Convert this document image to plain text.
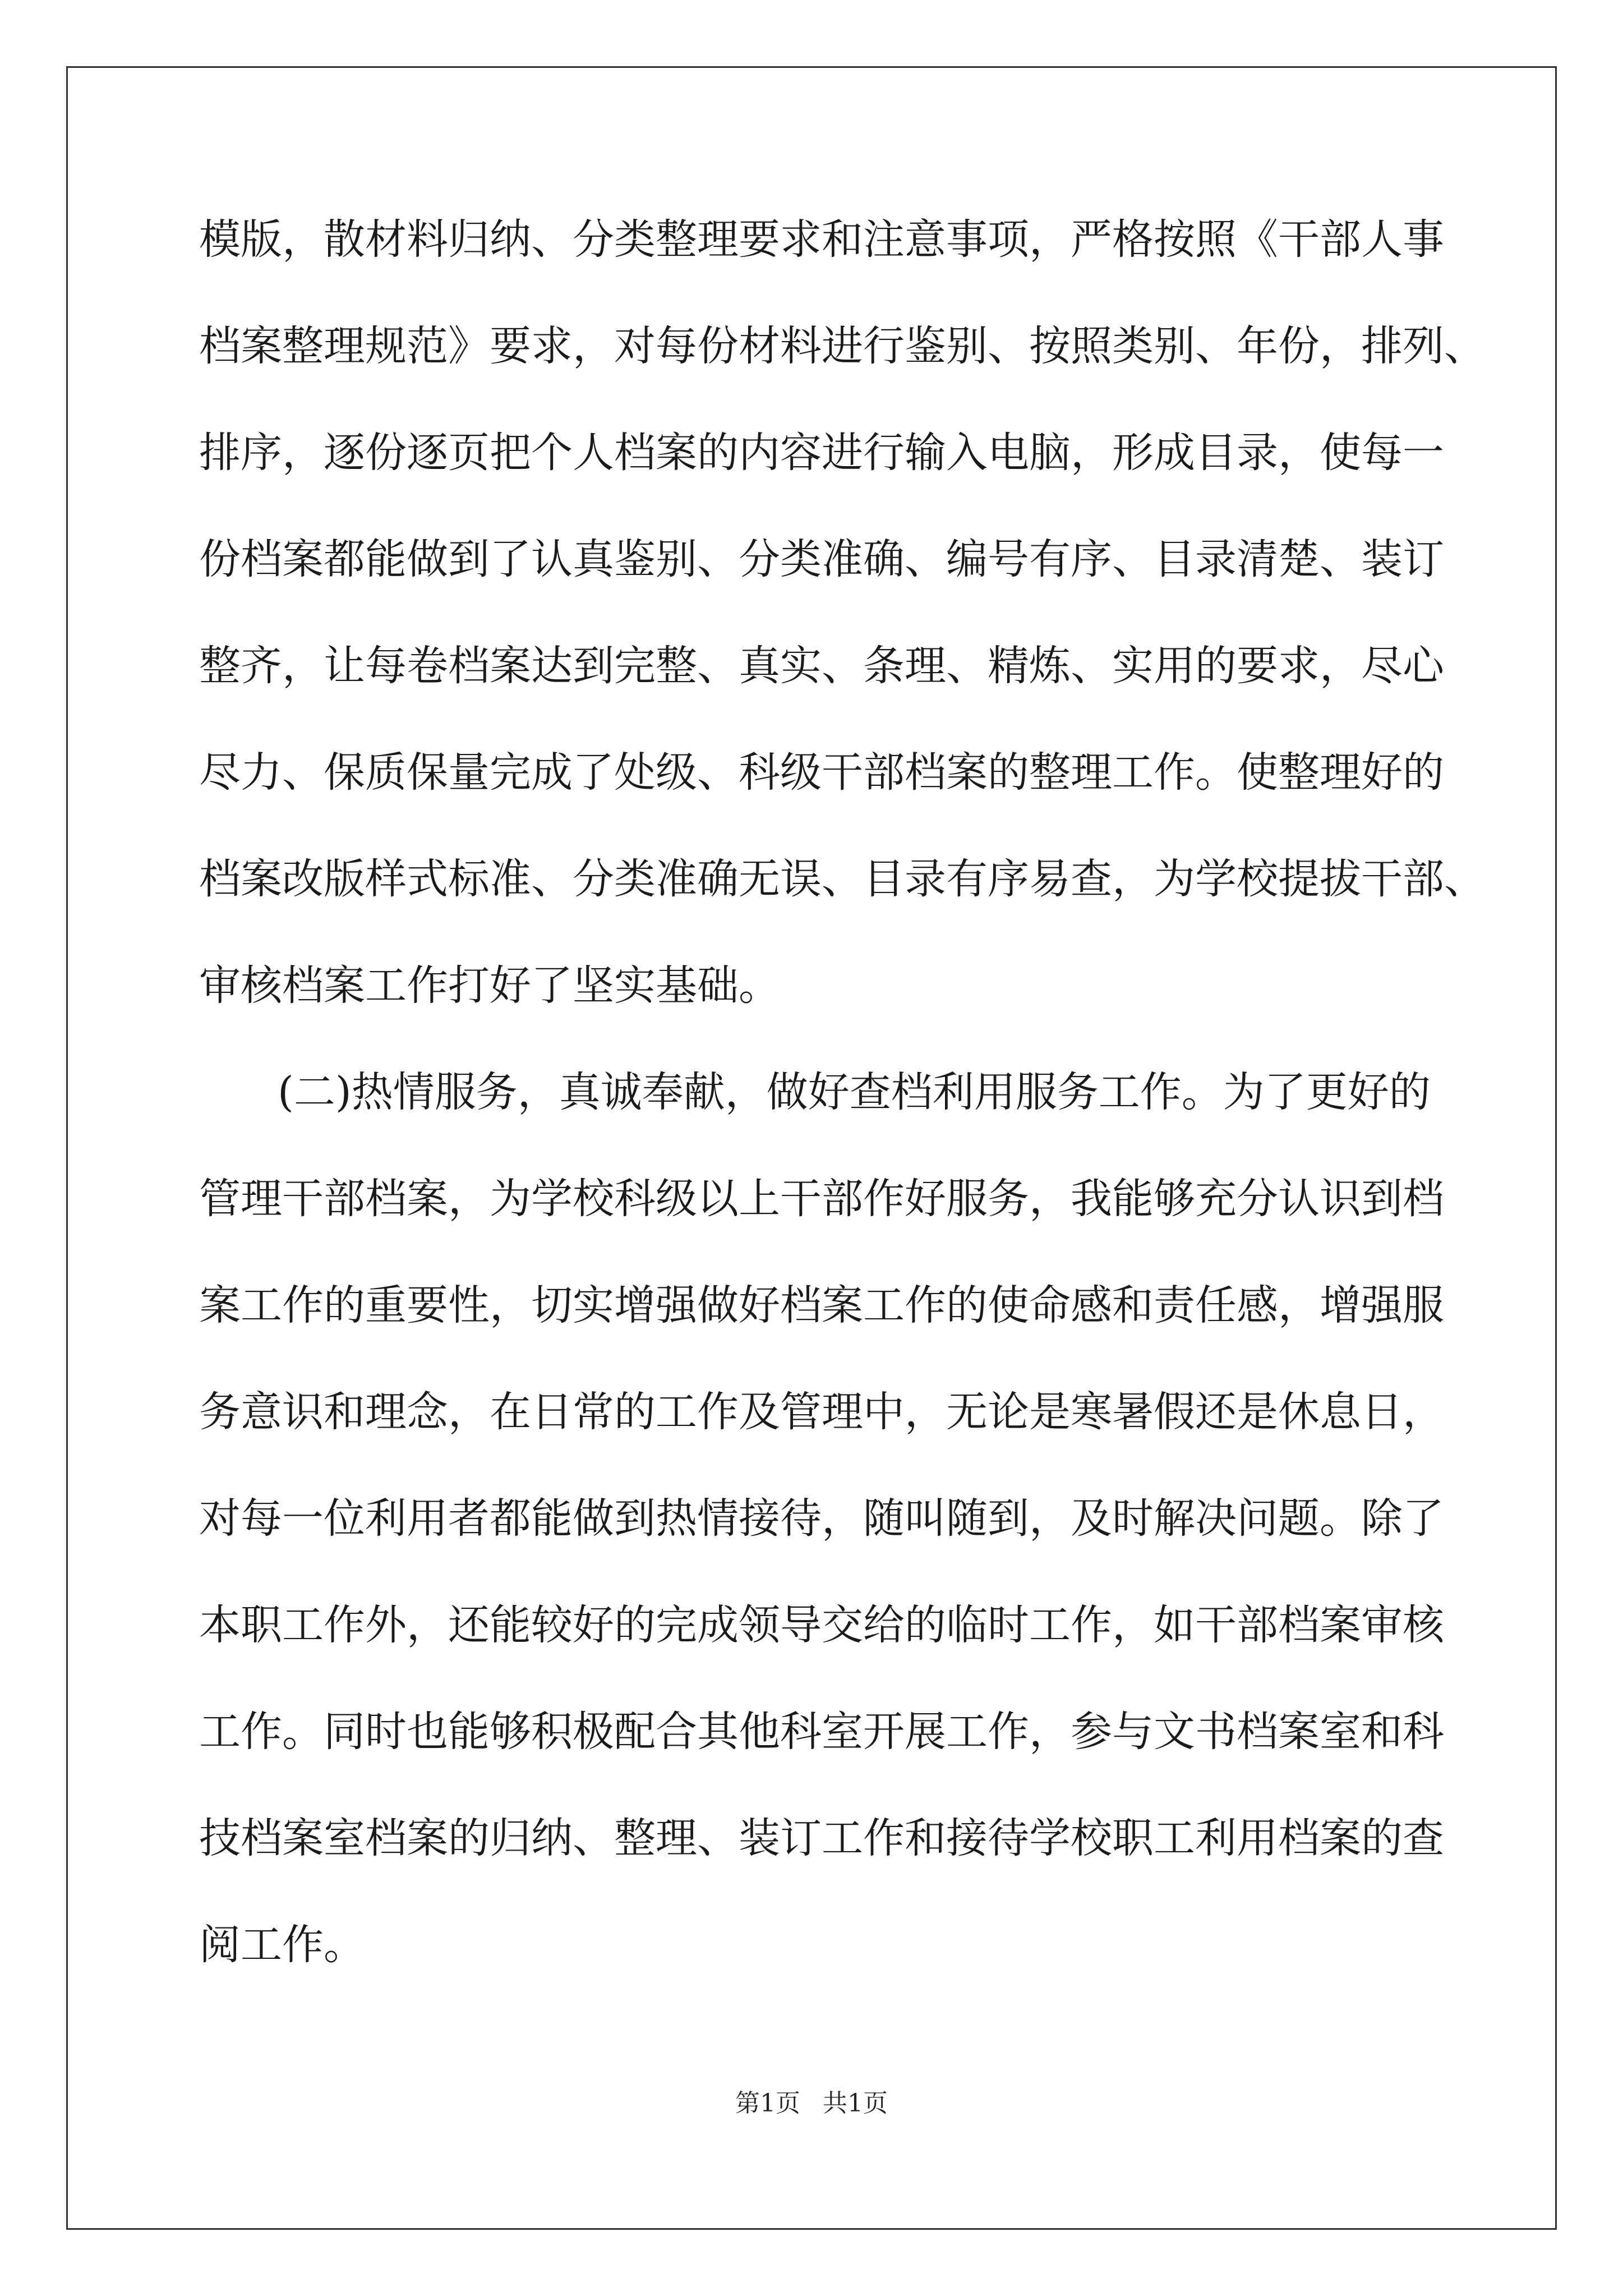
模版，散材料归纳、分类整理要求和注意事项，严格按照《干部人事
档案整理规范》要求，对每份材料进行鉴别、按照类别、年份，排列、
排序，逐份逐页把个人档案的内容进行输入电脑，形成目录，使每一
份档案都能做到了认真鉴别、分类准确、编号有序、目录清楚、装订
整齐，让每卷档案达到完整、真实、条理、精炼、实用的要求，尽心
尽力、保质保量完成了处级、科级干部档案的整理工作。使整理好的
档案改版样式标准、分类准确无误、目录有序易查，为学校提拔干部、
审核档案工作打好了坚实基础。
(二)热情服务，真诚奉献，做好查档利用服务工作。为了更好的
管理干部档案，为学校科级以上干部作好服务，我能够充分认识到档
案工作的重要性，切实增强做好档案工作的使命感和责任感，增强服
务意识和理念，在日常的工作及管理中，无论是寒暑假还是休息日，
对每一位利用者都能做到热情接待，随叫随到，及时解决问题。除了
本职工作外，还能较好的完成领导交给的临时工作，如干部档案审核
工作。同时也能够积极配合其他科室开展工作，参与文书档案室和科
技档案室档案的归纳、整理、装订工作和接待学校职工利用档案的查
阅工作。
第1页 共1页
